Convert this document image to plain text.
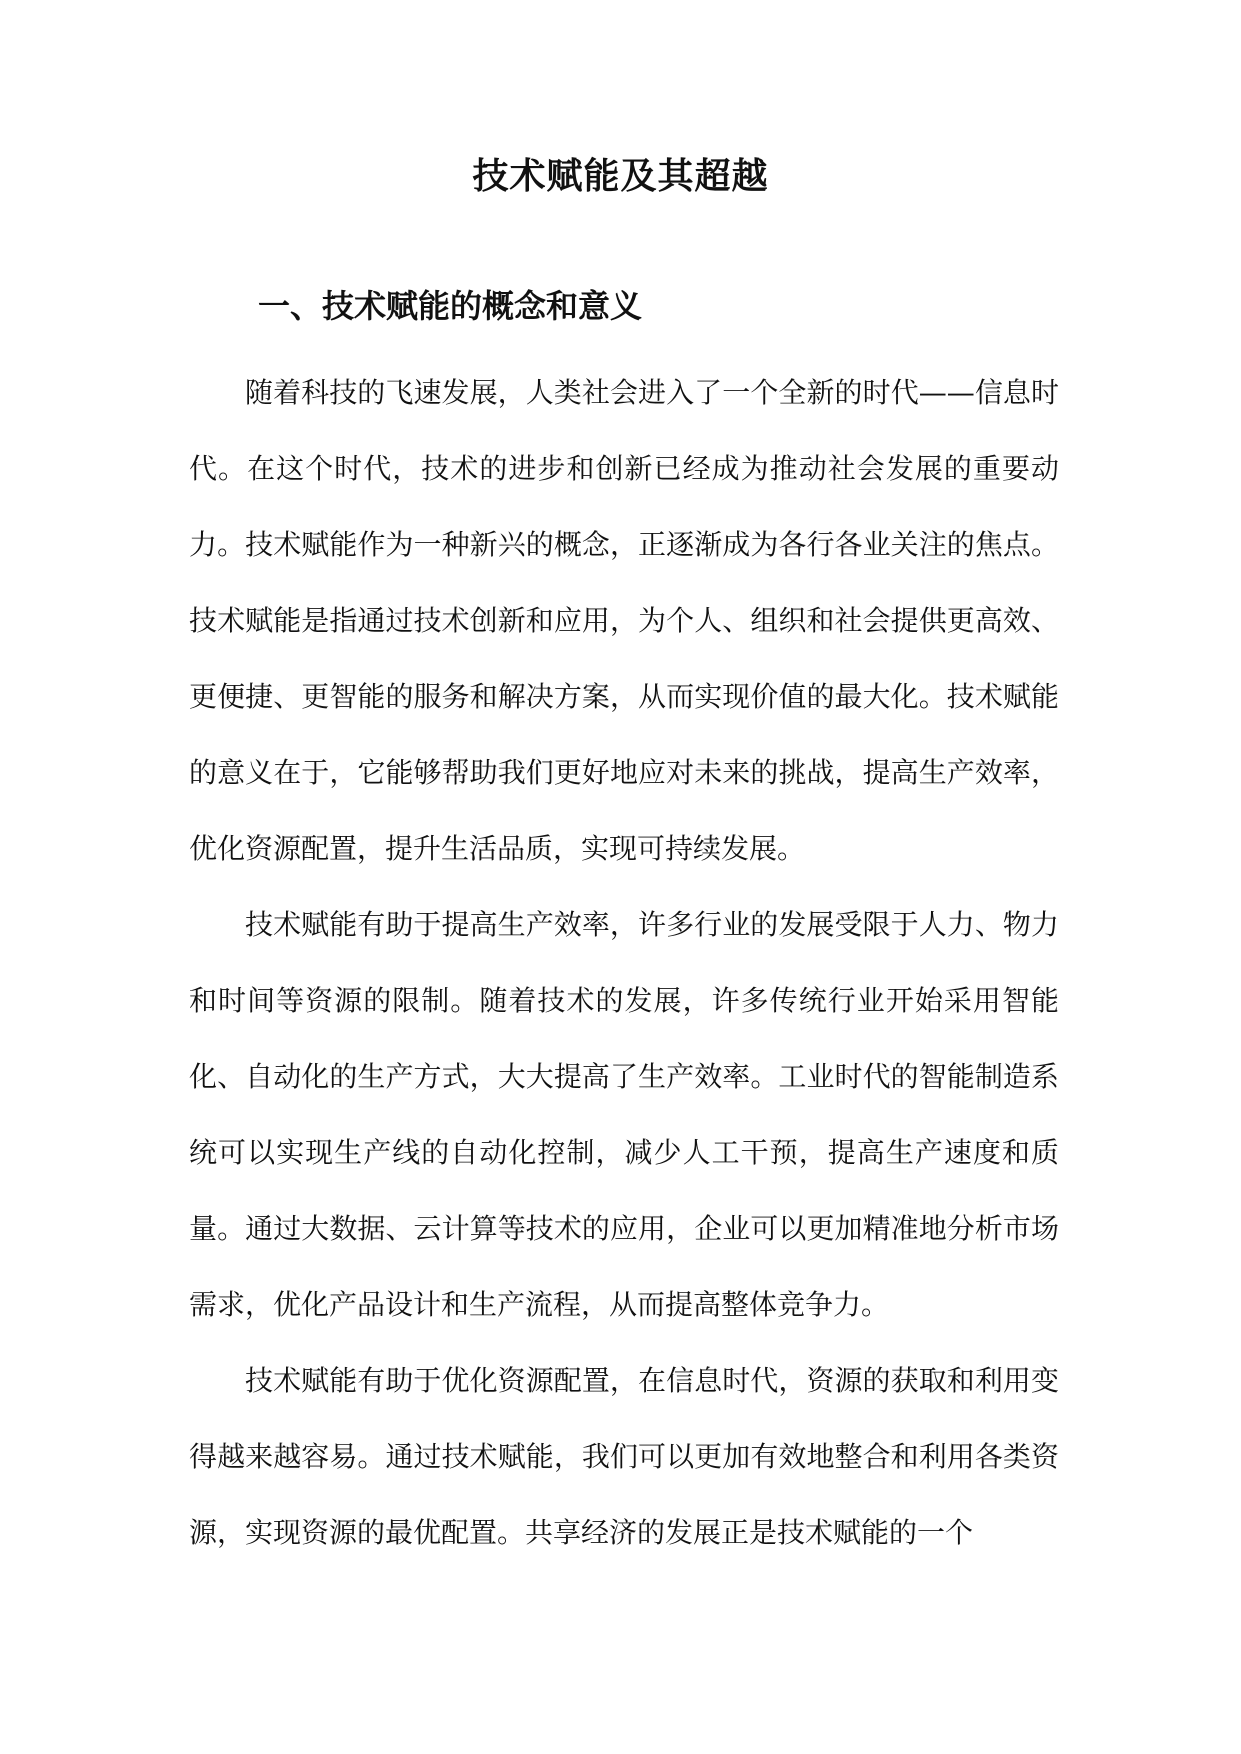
技术赋能及其超越
一、技术赋能的概念和意义

随着科技的飞速发展，人类社会进入了一个全新的时代——信息时代。在这个时代，技术的进步和创新已经成为推动社会发展的重要动力。技术赋能作为一种新兴的概念，正逐渐成为各行各业关注的焦点。技术赋能是指通过技术创新和应用，为个人、组织和社会提供更高效、更便捷、更智能的服务和解决方案，从而实现价值的最大化。技术赋能的意义在于，它能够帮助我们更好地应对未来的挑战，提高生产效率，优化资源配置，提升生活品质，实现可持续发展。

技术赋能有助于提高生产效率，许多行业的发展受限于人力、物力和时间等资源的限制。随着技术的发展，许多传统行业开始采用智能化、自动化的生产方式，大大提高了生产效率。工业时代的智能制造系统可以实现生产线的自动化控制，减少人工干预，提高生产速度和质量。通过大数据、云计算等技术的应用，企业可以更加精准地分析市场需求，优化产品设计和生产流程，从而提高整体竞争力。

技术赋能有助于优化资源配置，在信息时代，资源的获取和利用变得越来越容易。通过技术赋能，我们可以更加有效地整合和利用各类资源，实现资源的最优配置。共享经济的发展正是技术赋能的一个
